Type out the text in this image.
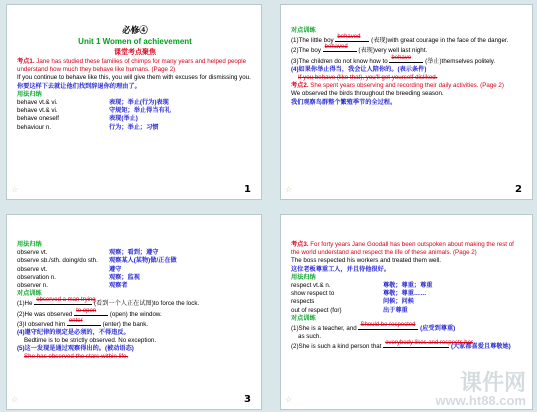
必修④
Unit 1 Women of achievement
课堂考点聚焦
考点1. Jane has studied these families of chimps for many years and helped people understand how much they behave like humans. (Page 2)
If you continue to behave like this, you will give them with excuses for dismissing you.
你要这样下去就让他们找到辞退你的理由了。
用法归纳
behave vt.& vi.	表现；举止(行为)表现
behave vt.& vi.	守规矩；举止得当有礼
behave oneself	表现(举止)
behaviour n.	行为；举止；习惯
☆	1
对点训练
(1)The little boy behaved (表现)with great courage in the face of the danger.
(2)The boy behaved (表现)very well last night.
(3)The children do not know how to behave (举止)themselves politely.
(4)如果你举止得当，我会让人陪你的。(表示条件)
If you behave (like that), you'll get yourself disliked.
考点2. She spent years observing and recording their daily activities. (Page 2)
We observed the birds throughout the breeding season.
我们观察鸟群整个繁殖季节的全过程。
☆	2
用法归纳
observe vt.	观察；看到；遵守
observe sb./sth. doing/do sth.	观察某人(某物)做/正在做
observe vt.	遵守
observation n.	观察；监视
observer n.	观察者
对点训练
(1)He observed a man trying
(看到一个人正在试图)to force the lock.
(2)He was observed to open (open) the window.
(3)I observed him enter	(enter) the bank.
(4)遵守纪律的规定是必须的，不得违反。
Bedtime is to be strictly observed. No exception.
(5)这一发现是通过观察得出的。(被动语态)
She has observed the stars within life.
☆	3
考点3. For forty years Jane Goodall has been outspoken about making the rest of the world understand and respect the life of these animals. (Page 2)
The boss respected his workers and treated them well.
这位老板尊重工人，并且待他很好。
用法归纳
respect vt.& n.	尊敬；尊重；尊重
show respect to	尊敬；尊重……
respects	问候；问候
out of respect (for)	出于尊重
对点训练
(1)She is a teacher, and Should be respected (应受到尊重)
as such.
(2)She is such a kind person that everybody likes and respects her
(大家都喜爱且尊敬她)
☆
课件网
www.ht88.com
